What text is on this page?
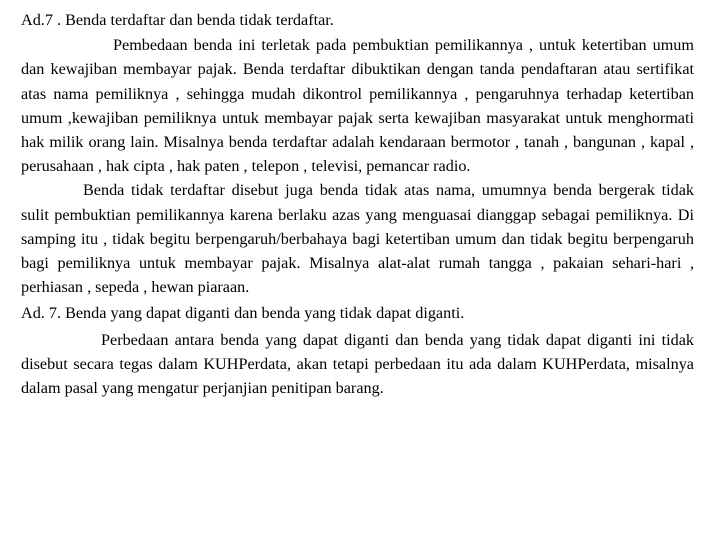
Ad.7 . Benda terdaftar dan benda tidak terdaftar.

Pembedaan benda ini terletak pada pembuktian pemilikannya , untuk ketertiban umum dan kewajiban membayar pajak. Benda terdaftar dibuktikan dengan tanda pendaftaran atau sertifikat atas nama pemiliknya , sehingga mudah dikontrol pemilikannya , pengaruhnya terhadap ketertiban umum ,kewajiban pemiliknya untuk membayar pajak serta kewajiban masyarakat untuk menghormati hak milik orang lain. Misalnya benda terdaftar adalah kendaraan bermotor , tanah , bangunan , kapal , perusahaan , hak cipta , hak paten , telepon , televisi, pemancar radio.

Benda tidak terdaftar disebut juga benda tidak atas nama, umumnya benda bergerak tidak sulit pembuktian pemilikannya karena berlaku azas yang menguasai dianggap sebagai pemiliknya. Di samping itu , tidak begitu berpengaruh/berbahaya bagi ketertiban umum dan tidak begitu berpengaruh bagi pemiliknya untuk membayar pajak. Misalnya alat-alat rumah tangga , pakaian sehari-hari , perhiasan , sepeda , hewan piaraan.

Ad. 7. Benda yang dapat diganti dan benda yang tidak dapat diganti.

Perbedaan antara benda yang dapat diganti dan benda yang tidak dapat diganti ini tidak disebut secara tegas dalam KUHPerdata, akan tetapi perbedaan itu ada dalam KUHPerdata, misalnya dalam pasal yang mengatur perjanjian penitipan barang.
